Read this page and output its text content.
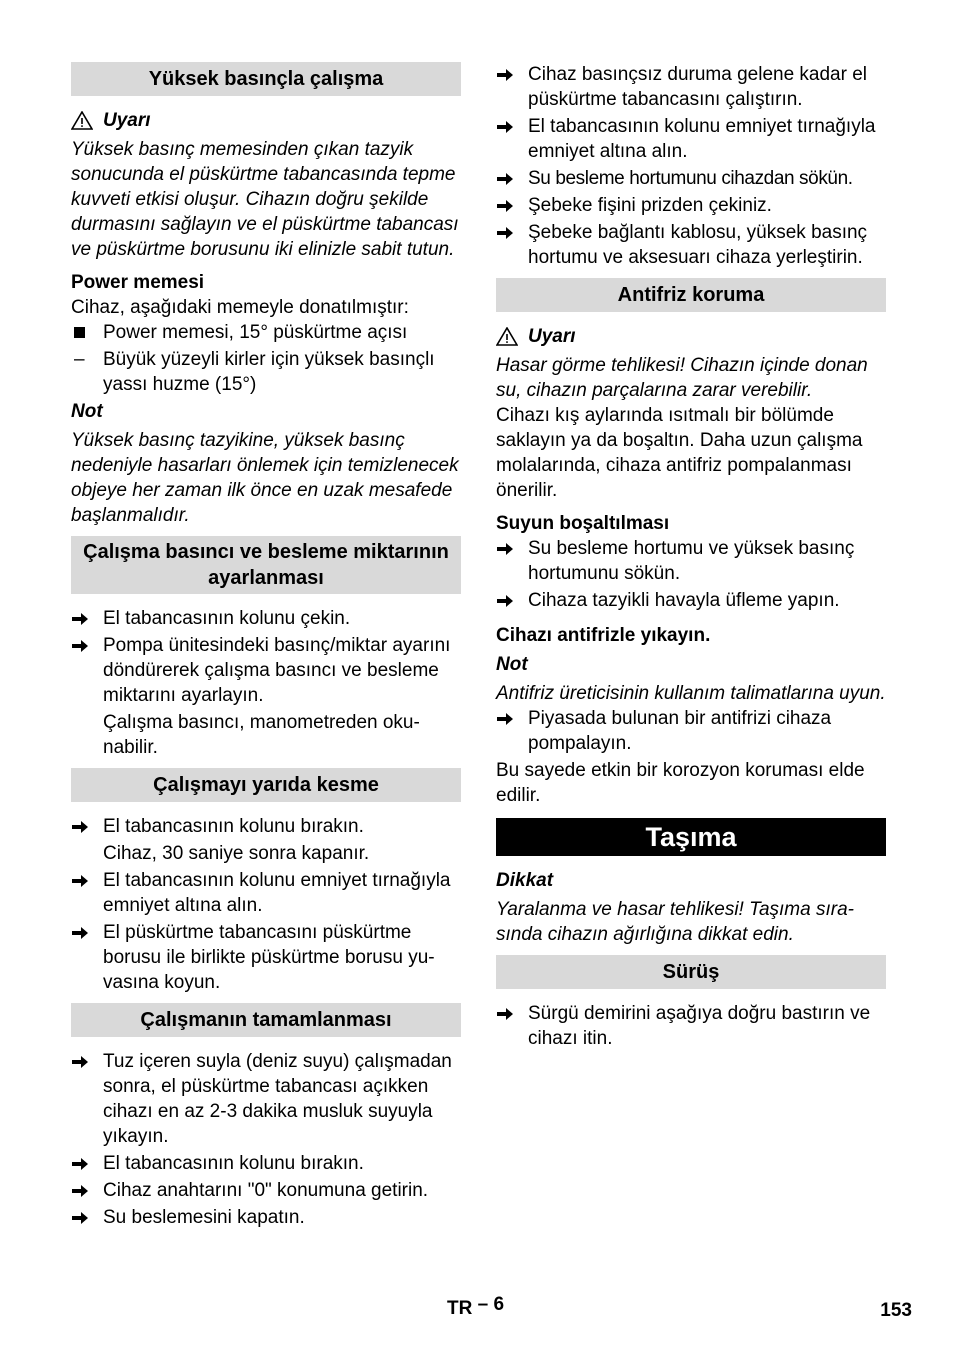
Yüksek basınçla çalışma
Uyarı

Yüksek basınç memesinden çıkan tazyik sonucunda el püskürtme tabancasında tepme kuvveti etkisi oluşur. Cihazın doğru şekilde durmasını sağlayın ve el püskürtme tabancası ve püskürtme borusunu iki elinizle sabit tutun.

Power memesi

Cihaz, aşağıdaki memeyle donatılmıştır:

Power memesi, 15° püskürtme açısı
– Büyük yüzeyli kirler için yüksek basınçlı yassı huzme (15°)
Not

Yüksek basınç tazyikine, yüksek basınç nedeniyle hasarları önlemek için temizlenecek objeye her zaman ilk önce en uzak mesafede başlanmalıdır.

Çalışma basıncı ve besleme miktarının ayarlanması
El tabancasının kolunu çekin.
Pompa ünitesindeki basınç/miktar ayarını döndürerek çalışma basıncı ve besleme miktarını ayarlayın.

Çalışma basıncı, manometreden okunabilir.

Çalışmayı yarıda kesme
El tabancasının kolunu bırakın.

Cihaz, 30 saniye sonra kapanır.

El tabancasının kolunu emniyet tırnağıyla emniyet altına alın.
El püskürtme tabancasını püskürtme borusu ile birlikte püskürtme borusu yuvasına koyun.
Çalışmanın tamamlanması
Tuz içeren suyla (deniz suyu) çalışmadan sonra, el püskürtme tabancası açıkken cihazı en az 2-3 dakika musluk suyuyla yıkayın.
El tabancasının kolunu bırakın.
Cihaz anahtarını "0" konumuna getirin.
Su beslemesini kapatın.
Cihaz basınçsız duruma gelene kadar el püskürtme tabancasını çalıştırın.
El tabancasının kolunu emniyet tırnağıyla emniyet altına alın.
Su besleme hortumunu cihazdan sökün.
Şebeke fişini prizden çekiniz.
Şebeke bağlantı kablosu, yüksek basınç hortumu ve aksesuarı cihaza yerleştirin.
Antifriz koruma
Uyarı

Hasar görme tehlikesi! Cihazın içinde donan su, cihazın parçalarına zarar verebilir.

Cihazı kış aylarında ısıtmalı bir bölümde saklayın ya da boşaltın. Daha uzun çalışma molalarında, cihaza antifriz pompalanması önerilir.

Suyun boşaltılması
Su besleme hortumu ve yüksek basınç hortumunu sökün.
Cihaza tazyikli havayla üfleme yapın.
Cihazı antifrizle yıkayın.
Not

Antifriz üreticisinin kullanım talimatlarına uyun.

Piyasada bulunan bir antifrizi cihaza pompalayın.

Bu sayede etkin bir korozyon koruması elde edilir.

Taşıma
Dikkat

Yaralanma ve hasar tehlikesi! Taşıma sırasında cihazın ağırlığına dikkat edin.

Sürüş
Sürgü demirini aşağıya doğru bastırın ve cihazı itin.
TR – 6	153
